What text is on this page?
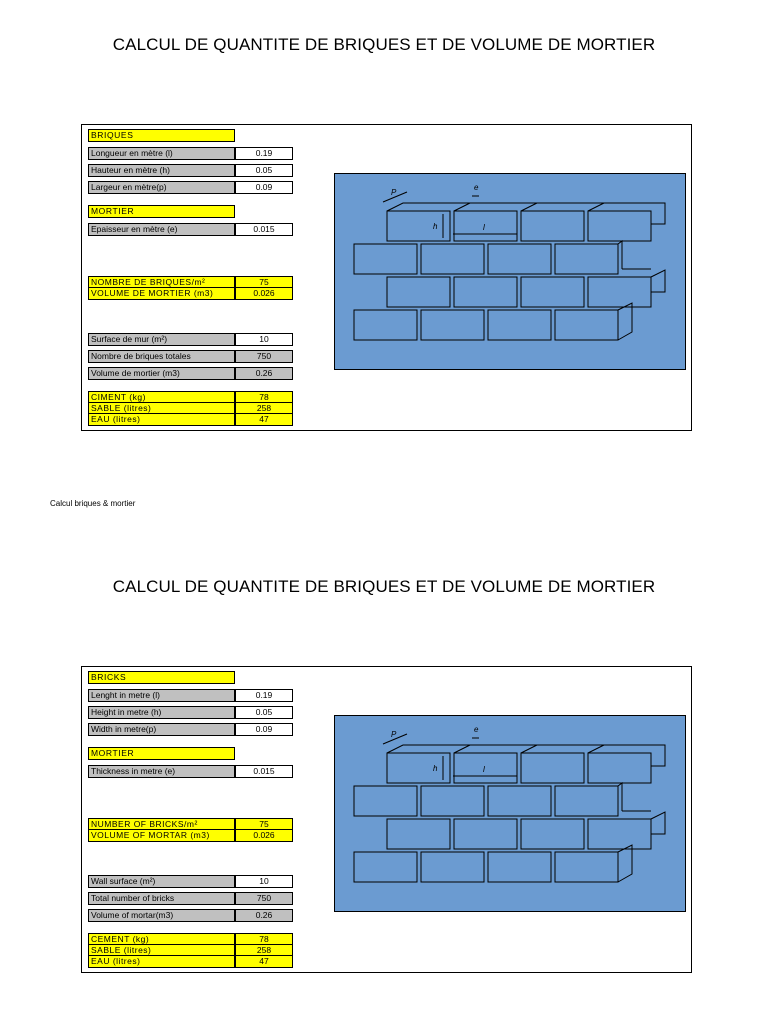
CALCUL DE QUANTITE DE BRIQUES ET DE VOLUME DE MORTIER
BRIQUES
Longueur en mètre (l)	0.19
Hauteur en mètre (h)	0.05
Largeur en mètre(p)	0.09
MORTIER
Epaisseur en mètre (e)	0.015
NOMBRE DE BRIQUES/m²	75
VOLUME DE MORTIER (m3)	0.026
Surface de mur (m²)	10
Nombre de briques totales	750
Volume de mortier (m3)	0.26
CIMENT (kg)	78
SABLE (litres)	258
EAU (litres)	47
P
e
h	l
Calcul briques & mortier
CALCUL DE QUANTITE DE BRIQUES ET DE VOLUME DE MORTIER
BRICKS
Lenght in metre (l)	0.19
Height in metre (h)	0.05
Width in metre(p)	0.09
MORTIER
Thickness in metre (e)	0.015
NUMBER OF BRICKS/m²	75
VOLUME OF MORTAR (m3)	0.026
Wall surface (m²)	10
Total number of bricks	750
Volume of mortar(m3)	0.26
CEMENT (kg)	78
SABLE (litres)	258
EAU (litres)	47
P
e
h	l
